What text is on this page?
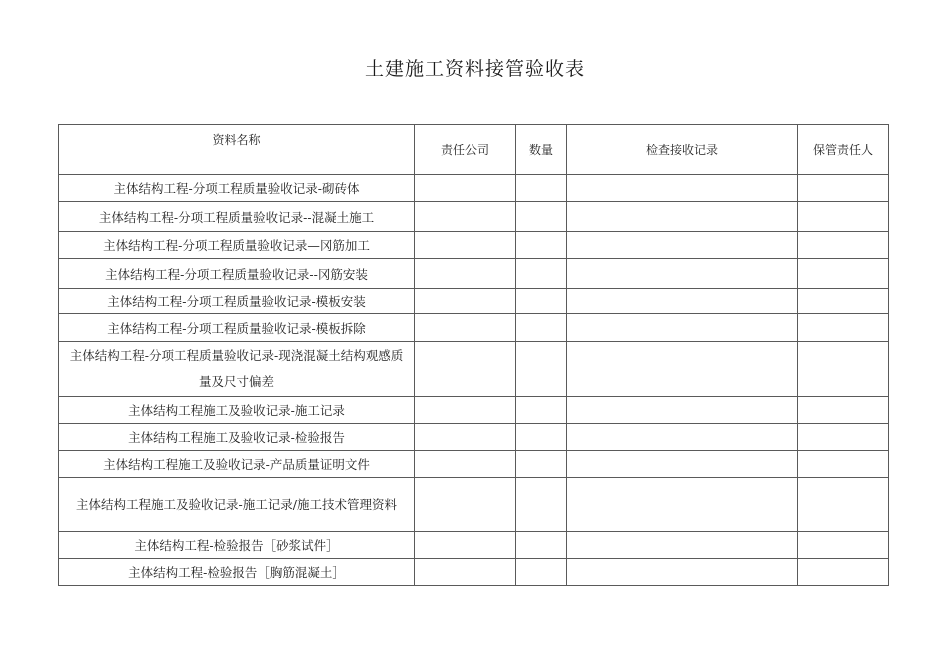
土建施工资料接管验收表
资料名称	责任公司	数量	检查接收记录	保管责任人
主体结构工程-分项工程质量验收记录-砌砖体				
主体结构工程-分项工程质量验收记录--混凝土施工				
主体结构工程-分项工程质量验收记录—冈筋加工				
主体结构工程-分项工程质量验收记录--冈筋安装				
主体结构工程-分项工程质量验收记录-模板安装				
主体结构工程-分项工程质量验收记录-模板拆除				
主体结构工程-分项工程质量验收记录-现浇混凝土结构观感质量及尺寸偏差				
主体结构工程施工及验收记录-施工记录				
主体结构工程施工及验收记录-检验报告				
主体结构工程施工及验收记录-产品质量证明文件				
主体结构工程施工及验收记录-施工记录/施工技术管理资料				
主体结构工程-检验报告［砂浆试件］				
主体结构工程-检验报告［胸筋混凝土］				
